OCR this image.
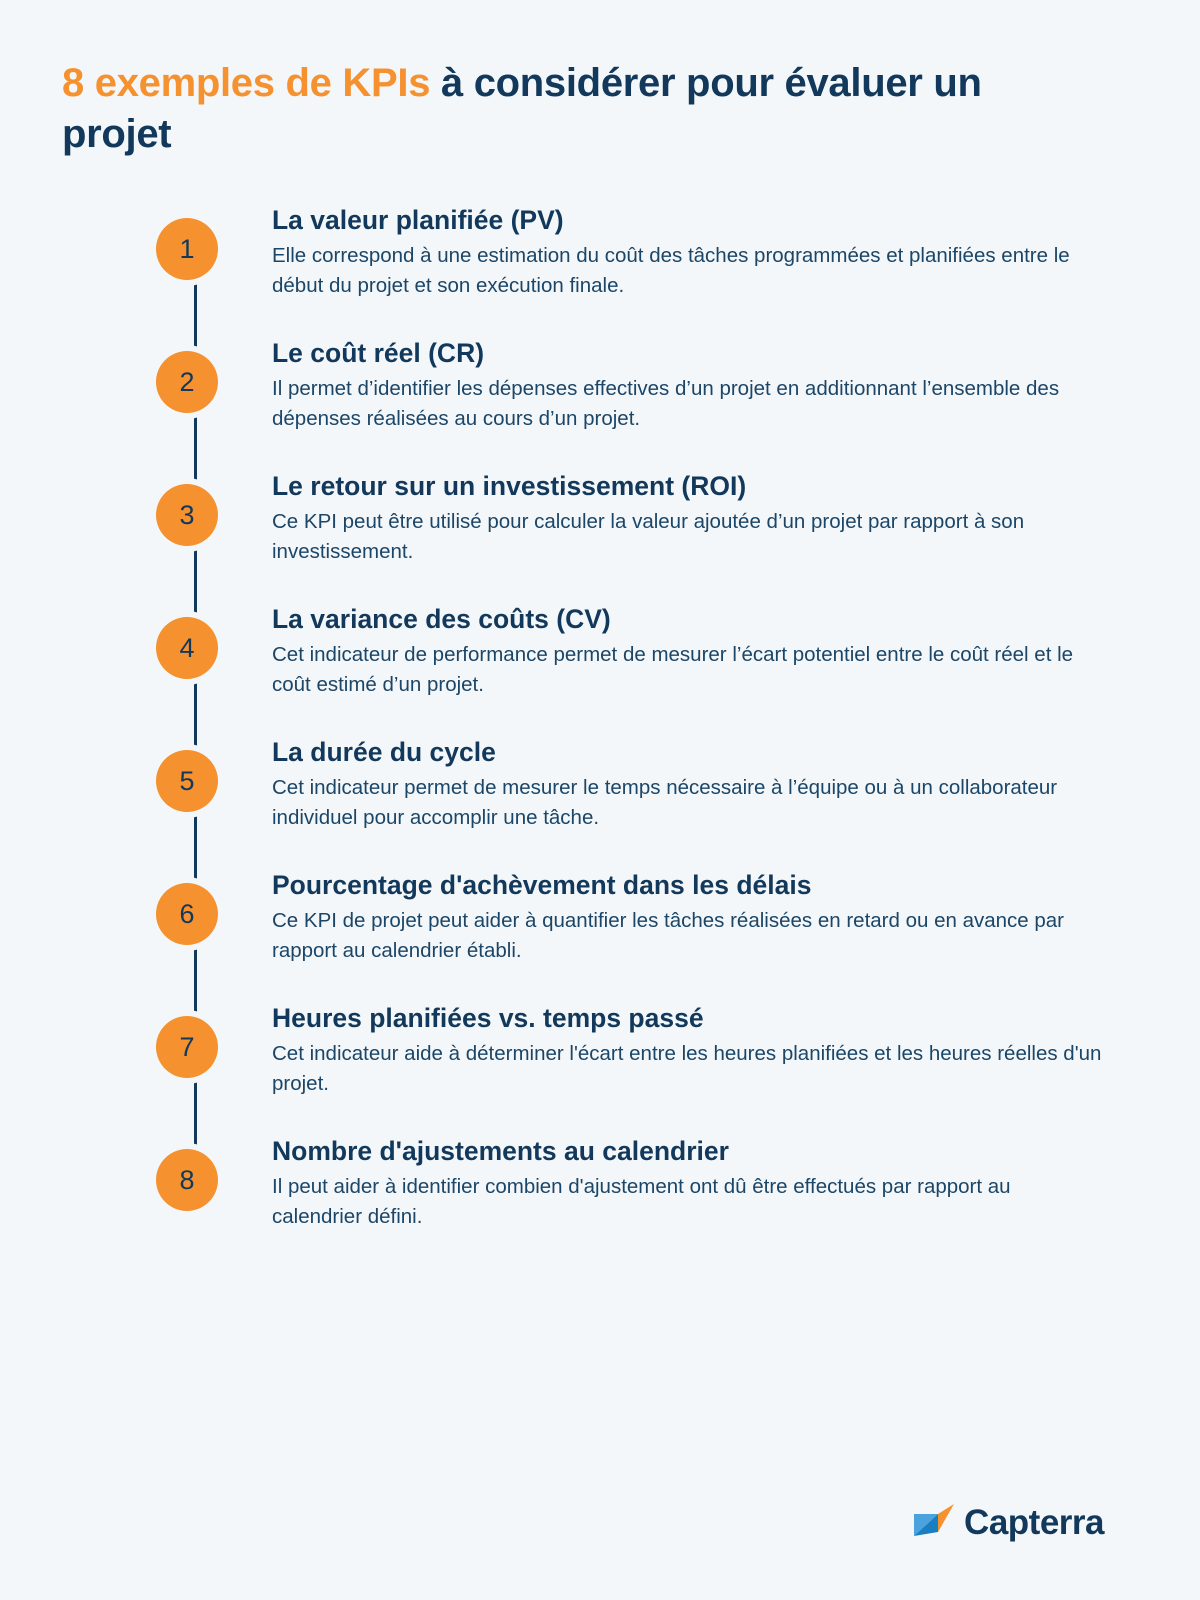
8 exemples de KPIs à considérer pour évaluer un projet
1
La valeur planifiée (PV)

Elle correspond à une estimation du coût des tâches programmées et planifiées entre le début du projet et son exécution finale.

2
Le coût réel (CR)

Il permet d’identifier les dépenses effectives d’un projet en additionnant l’ensemble des dépenses réalisées au cours d’un projet.

3
Le retour sur un investissement (ROI)

Ce KPI peut être utilisé pour calculer la valeur ajoutée d’un projet par rapport à son investissement.

4
La variance des coûts (CV)

Cet indicateur de performance permet de mesurer l’écart potentiel entre le coût réel et le coût estimé d’un projet.

5
La durée du cycle

Cet indicateur permet de mesurer le temps nécessaire à l’équipe ou à un collaborateur individuel pour accomplir une tâche.

6
Pourcentage d'achèvement dans les délais

Ce KPI de projet peut aider à quantifier les tâches réalisées en retard ou en avance par rapport au calendrier établi.

7
Heures planifiées vs. temps passé

Cet indicateur aide à déterminer l'écart entre les heures planifiées et les heures réelles d'un projet.

8
Nombre d'ajustements au calendrier

Il peut aider à identifier combien d'ajustement ont dû être effectués par rapport au calendrier défini.

Capterra
